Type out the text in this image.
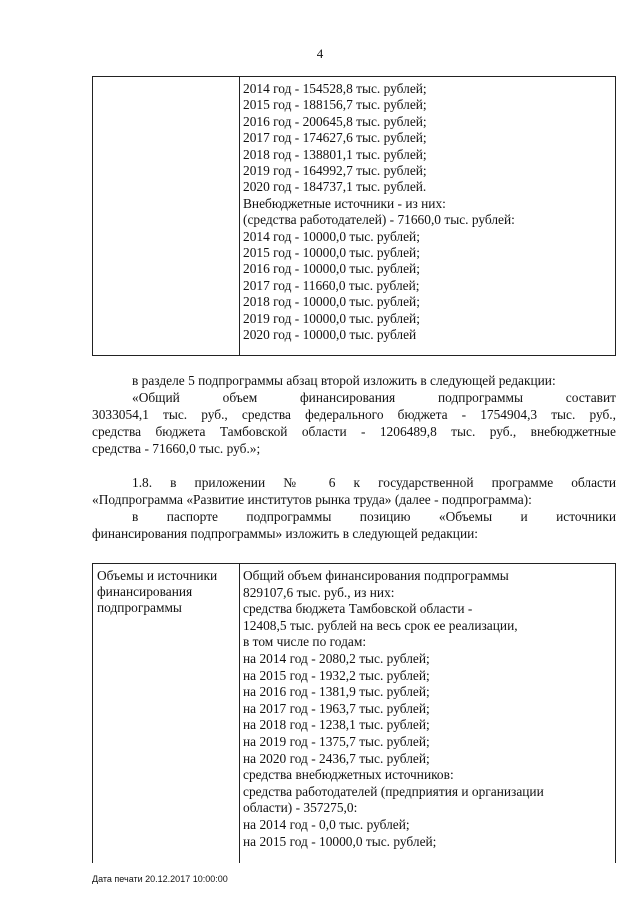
4
2014 год - 154528,8 тыс. рублей;
2015 год - 188156,7 тыс. рублей;
2016 год - 200645,8 тыс. рублей;
2017 год - 174627,6 тыс. рублей;
2018 год - 138801,1 тыс. рублей;
2019 год - 164992,7 тыс. рублей;
2020 год - 184737,1 тыс. рублей.
Внебюджетные источники - из них:
(средства работодателей) - 71660,0 тыс. рублей:
2014 год - 10000,0 тыс. рублей;
2015 год - 10000,0 тыс. рублей;
2016 год - 10000,0 тыс. рублей;
2017 год - 11660,0 тыс. рублей;
2018 год - 10000,0 тыс. рублей;
2019 год - 10000,0 тыс. рублей;
2020 год - 10000,0 тыс. рублей
в разделе 5 подпрограммы абзац второй изложить в следующей редакции:
«Общий объем финансирования подпрограммы составит
3033054,1 тыс. руб., средства федерального бюджета - 1754904,3 тыс. руб.,
средства бюджета Тамбовской области - 1206489,8 тыс. руб., внебюджетные
средства - 71660,0 тыс. руб.»;
1.8. в приложении № 6 к государственной программе области
«Подпрограмма «Развитие институтов рынка труда» (далее - подпрограмма):
в паспорте подпрограммы позицию «Объемы и источники
финансирования подпрограммы» изложить в следующей редакции:
Объемы и источники
финансирования
подпрограммы
Общий объем финансирования подпрограммы
829107,6 тыс. руб., из них:
средства бюджета Тамбовской области -
12408,5 тыс. рублей на весь срок ее реализации,
в том числе по годам:
на 2014 год - 2080,2 тыс. рублей;
на 2015 год - 1932,2 тыс. рублей;
на 2016 год - 1381,9 тыс. рублей;
на 2017 год - 1963,7 тыс. рублей;
на 2018 год - 1238,1 тыс. рублей;
на 2019 год - 1375,7 тыс. рублей;
на 2020 год - 2436,7 тыс. рублей;
средства внебюджетных источников:
средства работодателей (предприятия и организации
области) - 357275,0:
на 2014 год - 0,0 тыс. рублей;
на 2015 год - 10000,0 тыс. рублей;
Дата печати 20.12.2017 10:00:00
